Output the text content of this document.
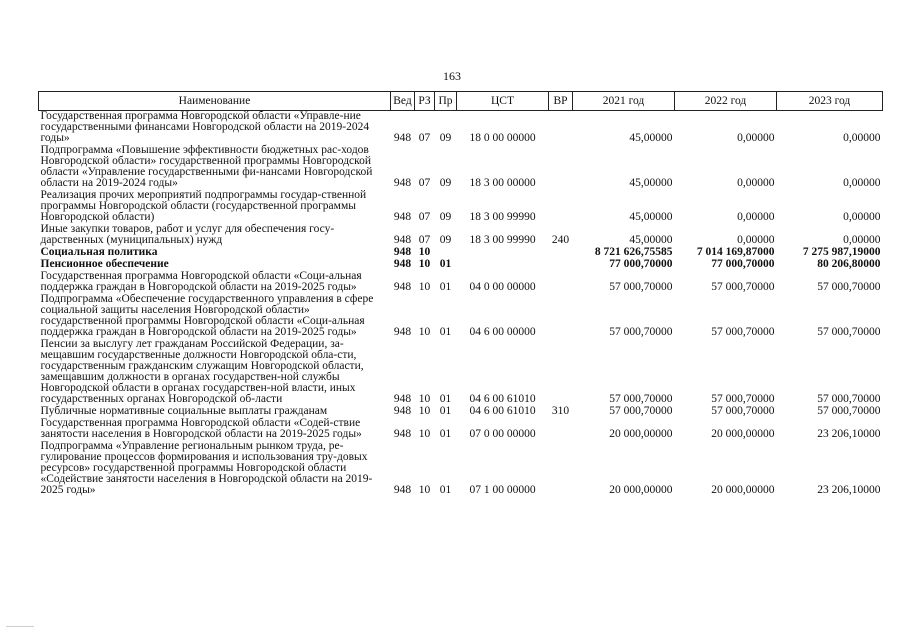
163
Наименование	Вед	РЗ	Пр	ЦСТ	ВР	2021 год	2022 год	2023 год
Государственная программа Новгородской области «Управле-ние государственными финансами Новгородской области на 2019-2024 годы»	948	07	09	18 0 00 00000		45,00000	0,00000	0,00000
Подпрограмма «Повышение эффективности бюджетных рас-ходов Новгородской области» государственной программы Новгородской области «Управление государственными фи-нансами Новгородской области на 2019-2024 годы»	948	07	09	18 3 00 00000		45,00000	0,00000	0,00000
Реализация прочих мероприятий подпрограммы государ-ственной программы Новгородской области (государственной программы Новгородской области)	948	07	09	18 3 00 99990		45,00000	0,00000	0,00000
Иные закупки товаров, работ и услуг для обеспечения госу-дарственных (муниципальных) нужд	948	07	09	18 3 00 99990	240	45,00000	0,00000	0,00000
Социальная политика	948	10				8 721 626,75585	7 014 169,87000	7 275 987,19000
Пенсионное обеспечение	948	10	01			77 000,70000	77 000,70000	80 206,80000
Государственная программа Новгородской области «Соци-альная поддержка граждан в Новгородской области на 2019-2025 годы»	948	10	01	04 0 00 00000		57 000,70000	57 000,70000	57 000,70000
Подпрограмма «Обеспечение государственного управления в сфере социальной защиты населения Новгородской области» государственной программы Новгородской области «Соци-альная поддержка граждан в Новгородской области на 2019-2025 годы»	948	10	01	04 6 00 00000		57 000,70000	57 000,70000	57 000,70000
Пенсии за выслугу лет гражданам Российской Федерации, за-мещавшим государственные должности Новгородской обла-сти, государственным гражданским служащим Новгородской области, замещавшим должности в органах государствен-ной службы Новгородской области в органах государствен-ной власти, иных государственных органах Новгородской об-ласти	948	10	01	04 6 00 61010		57 000,70000	57 000,70000	57 000,70000
Публичные нормативные социальные выплаты гражданам	948	10	01	04 6 00 61010	310	57 000,70000	57 000,70000	57 000,70000
Государственная программа Новгородской области «Содей-ствие занятости населения в Новгородской области на 2019-2025 годы»	948	10	01	07 0 00 00000		20 000,00000	20 000,00000	23 206,10000
Подпрограмма «Управление региональным рынком труда, ре-гулирование процессов формирования и использования тру-довых ресурсов» государственной программы Новгородской области «Содействие занятости населения в Новгородской области на 2019-2025 годы»	948	10	01	07 1 00 00000		20 000,00000	20 000,00000	23 206,10000
